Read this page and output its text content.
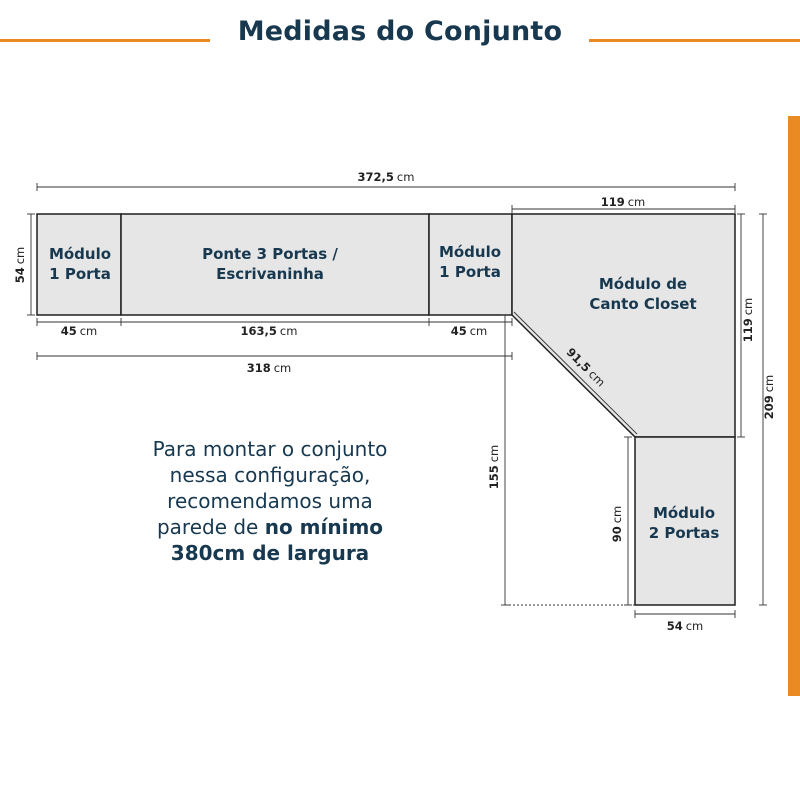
Medidas do Conjunto
Módulo
1 Porta
Ponte 3 Portas /
Escrivaninha
Módulo
1 Porta
Módulo de
Canto Closet
Módulo
2 Portas
372,5 cm
119 cm
54cm
45 cm	163,5 cm	45 cm
318 cm	91,5cm
119cm
209cm
155cm
90cm
54 cm
Para montar o conjunto
nessa configuração,
recomendamos uma
parede de no mínimo
380cm de largura
